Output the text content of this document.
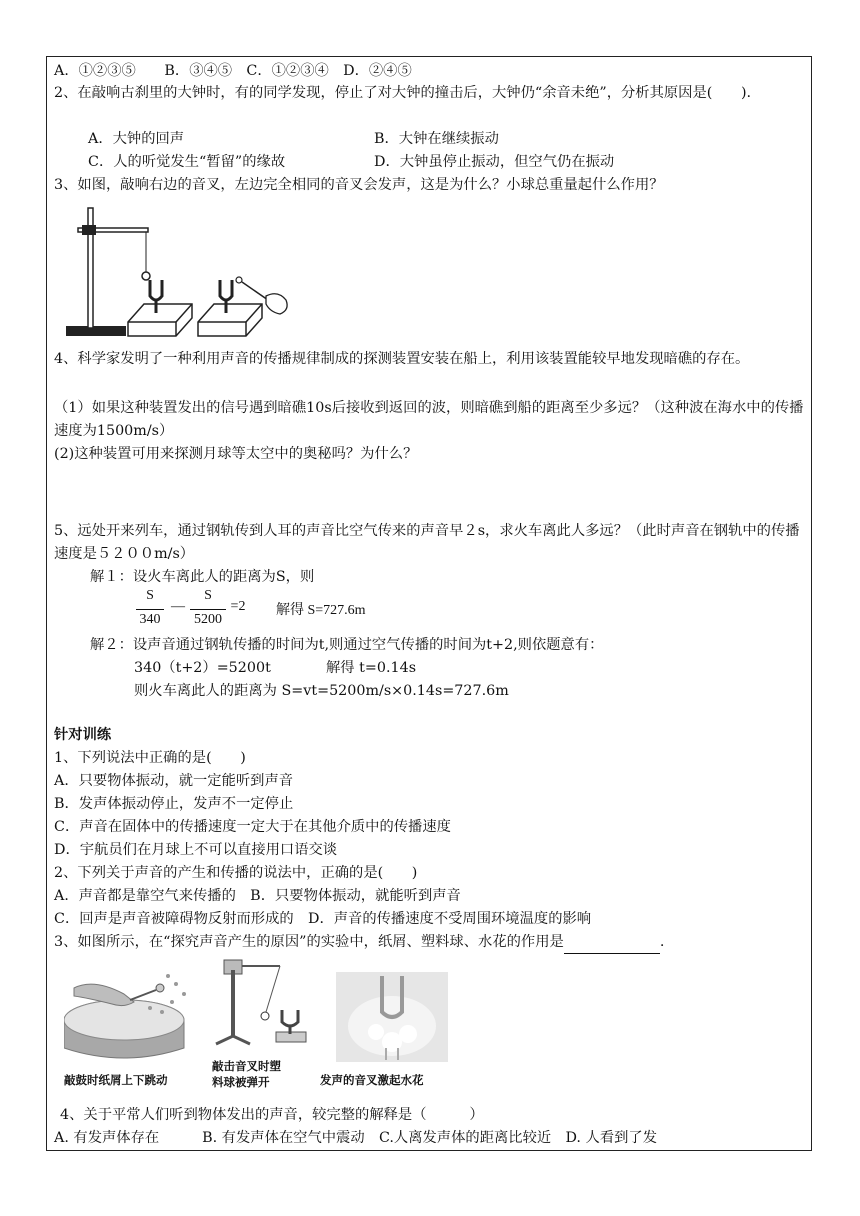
A．①②③⑤　　B．③④⑤　C．①②③④　D．②④⑤
2、在敲响古刹里的大钟时，有的同学发现，停止了对大钟的撞击后，大钟仍“余音未绝”，分析其原因是(　　).
A．大钟的回声	B．大钟在继续振动
C．人的听觉发生“暂留”的缘故	D．大钟虽停止振动，但空气仍在振动
3、如图，敲响右边的音叉，左边完全相同的音叉会发声，这是为什么？小球总重量起什么作用？
4、科学家发明了一种利用声音的传播规律制成的探测装置安装在船上，利用该装置能较早地发现暗礁的存在。
（1）如果这种装置发出的信号遇到暗礁10s后接收到返回的波，则暗礁到船的距离至少多远？（这种波在海水中的传播速度为1500m/s）
(2)这种装置可用来探测月球等太空中的奥秘吗？为什么？
5、远处开来列车，通过钢轨传到人耳的声音比空气传来的声音早２s，求火车离此人多远？（此时声音在钢轨中的传播速度是５２００m/s）
解１：设火车离此人的距离为S，则
S
340
—
S
5200
=2	解得 S=727.6m
解２：设声音通过钢轨传播的时间为t,则通过空气传播的时间为t+2,则依题意有：
340（t+2）=5200t	解得 t=0.14s
则火车离此人的距离为 S=vt=5200m/s×0.14s=727.6m
针对训练
1、下列说法中正确的是(　　)
A．只要物体振动，就一定能听到声音
B．发声体振动停止，发声不一定停止
C．声音在固体中的传播速度一定大于在其他介质中的传播速度
D．宇航员们在月球上不可以直接用口语交谈
2、下列关于声音的产生和传播的说法中，正确的是(　　)
A．声音都是靠空气来传播的　B．只要物体振动，就能听到声音
C．回声是声音被障碍物反射而形成的　D．声音的传播速度不受周围环境温度的影响
3、如图所示，在“探究声音产生的原因”的实验中，纸屑、塑料球、水花的作用是	.
敲鼓时纸屑上下跳动
敲击音叉时塑
料球被弹开	发声的音叉激起水花
4、关于平常人们听到物体发出的声音，较完整的解释是（　　　）
A. 有发声体存在　　　B. 有发声体在空气中震动　C.人离发声体的距离比较近　D. 人看到了发
